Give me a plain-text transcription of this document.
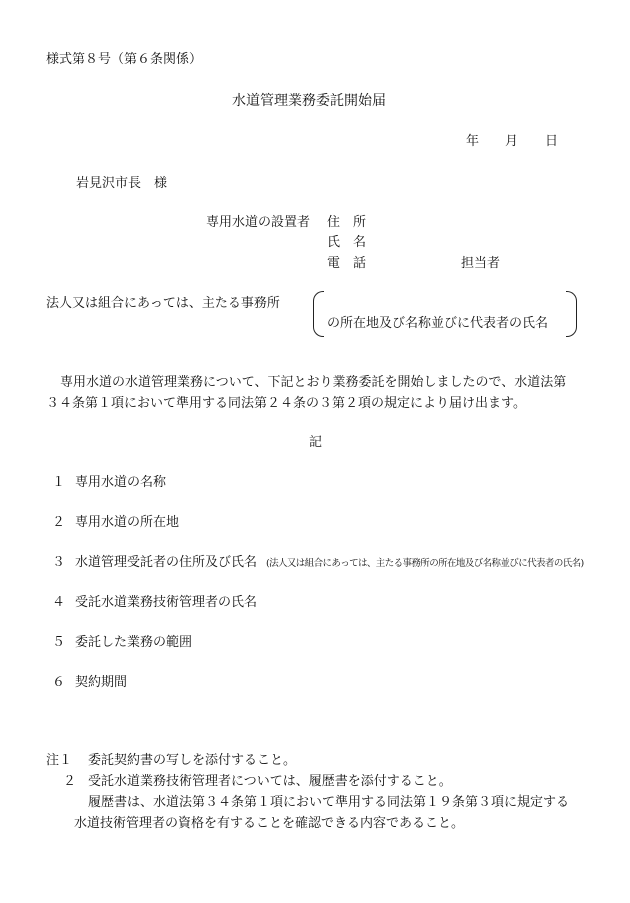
様式第８号（第６条関係）
水道管理業務委託開始届
年 月 日
岩見沢市長　様
専用水道の設置者 住　所
氏　名
電　話	担当者
法人又は組合にあっては、主たる事務所
の所在地及び名称並びに代表者の氏名
専用水道の水道管理業務について、下記とおり業務委託を開始しましたので、水道法第
３４条第１項において準用する同法第２４条の３第２項の規定により届け出ます。
記
１ 専用水道の名称
２ 専用水道の所在地
３ 水道管理受託者の住所及び氏名 (法人又は組合にあっては、主たる事務所の所在地及び名称並びに代表者の氏名)
４ 受託水道業務技術管理者の氏名
５ 委託した業務の範囲
６ 契約期間
注１ 委託契約書の写しを添付すること。
２ 受託水道業務技術管理者については、履歴書を添付すること。
履歴書は、水道法第３４条第１項において準用する同法第１９条第３項に規定する
水道技術管理者の資格を有することを確認できる内容であること。
